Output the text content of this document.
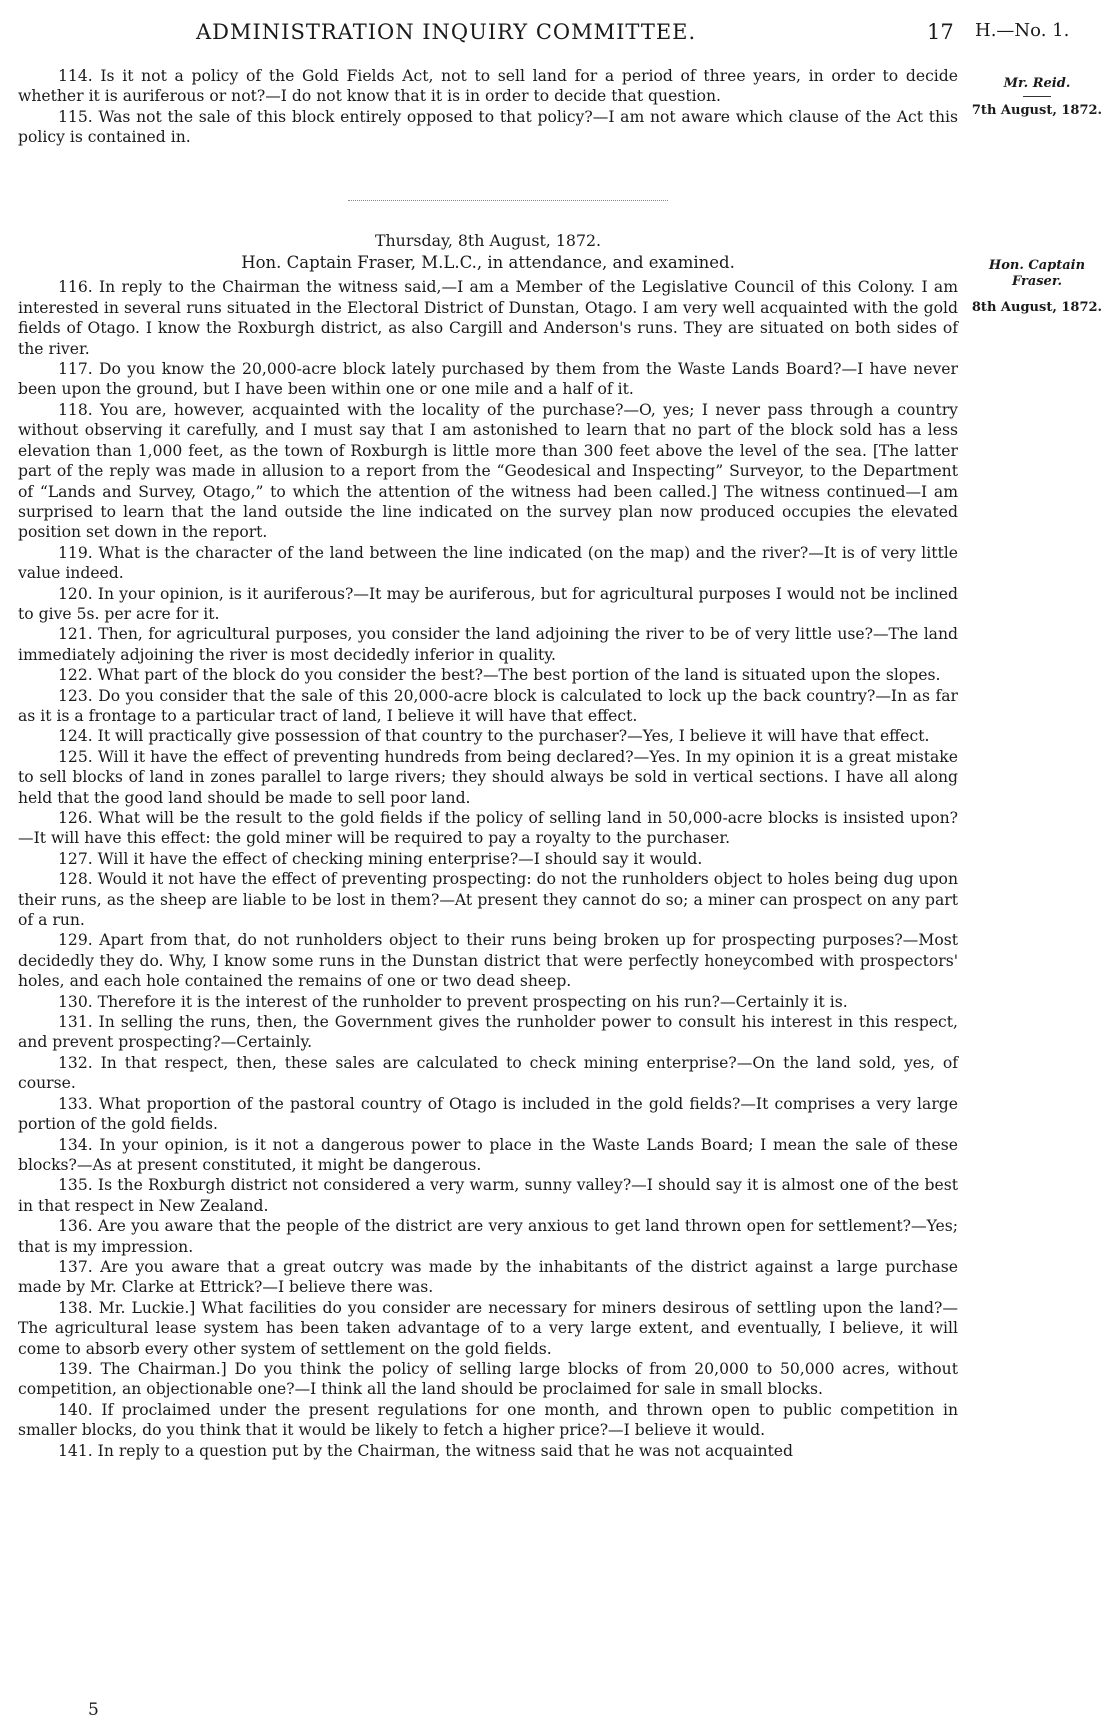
ADMINISTRATION INQUIRY COMMITTEE.	17 H.—No. 1.
Mr. Reid.
7th August, 1872.
Hon. Captain Fraser.
8th August, 1872.

114. Is it not a policy of the Gold Fields Act, not to sell land for a period of three years, in order to decide whether it is auriferous or not?—I do not know that it is in order to decide that question.

115. Was not the sale of this block entirely opposed to that policy?—I am not aware which clause of the Act this policy is contained in.

Thursday, 8th August, 1872.

Hon. Captain Fraser, M.L.C., in attendance, and examined.

116. In reply to the Chairman the witness said,—I am a Member of the Legislative Council of this Colony. I am interested in several runs situated in the Electoral District of Dunstan, Otago. I am very well acquainted with the gold fields of Otago. I know the Roxburgh district, as also Cargill and Anderson's runs. They are situated on both sides of the river.

117. Do you know the 20,000-acre block lately purchased by them from the Waste Lands Board?—I have never been upon the ground, but I have been within one or one mile and a half of it.

118. You are, however, acquainted with the locality of the purchase?—O, yes; I never pass through a country without observing it carefully, and I must say that I am astonished to learn that no part of the block sold has a less elevation than 1,000 feet, as the town of Roxburgh is little more than 300 feet above the level of the sea. [The latter part of the reply was made in allusion to a report from the “Geodesical and Inspecting” Surveyor, to the Department of “Lands and Survey, Otago,” to which the attention of the witness had been called.] The witness continued—I am surprised to learn that the land outside the line indicated on the survey plan now produced occupies the elevated position set down in the report.

119. What is the character of the land between the line indicated (on the map) and the river?—It is of very little value indeed.

120. In your opinion, is it auriferous?—It may be auriferous, but for agricultural purposes I would not be inclined to give 5s. per acre for it.

121. Then, for agricultural purposes, you consider the land adjoining the river to be of very little use?—The land immediately adjoining the river is most decidedly inferior in quality.

122. What part of the block do you consider the best?—The best portion of the land is situated upon the slopes.

123. Do you consider that the sale of this 20,000-acre block is calculated to lock up the back country?—In as far as it is a frontage to a particular tract of land, I believe it will have that effect.

124. It will practically give possession of that country to the purchaser?—Yes, I believe it will have that effect.

125. Will it have the effect of preventing hundreds from being declared?—Yes. In my opinion it is a great mistake to sell blocks of land in zones parallel to large rivers; they should always be sold in vertical sections. I have all along held that the good land should be made to sell poor land.

126. What will be the result to the gold fields if the policy of selling land in 50,000-acre blocks is insisted upon?—It will have this effect: the gold miner will be required to pay a royalty to the purchaser.

127. Will it have the effect of checking mining enterprise?—I should say it would.

128. Would it not have the effect of preventing prospecting: do not the runholders object to holes being dug upon their runs, as the sheep are liable to be lost in them?—At present they cannot do so; a miner can prospect on any part of a run.

129. Apart from that, do not runholders object to their runs being broken up for prospecting purposes?—Most decidedly they do. Why, I know some runs in the Dunstan district that were perfectly honeycombed with prospectors' holes, and each hole contained the remains of one or two dead sheep.

130. Therefore it is the interest of the runholder to prevent prospecting on his run?—Certainly it is.

131. In selling the runs, then, the Government gives the runholder power to consult his interest in this respect, and prevent prospecting?—Certainly.

132. In that respect, then, these sales are calculated to check mining enterprise?—On the land sold, yes, of course.

133. What proportion of the pastoral country of Otago is included in the gold fields?—It comprises a very large portion of the gold fields.

134. In your opinion, is it not a dangerous power to place in the Waste Lands Board; I mean the sale of these blocks?—As at present constituted, it might be dangerous.

135. Is the Roxburgh district not considered a very warm, sunny valley?—I should say it is almost one of the best in that respect in New Zealand.

136. Are you aware that the people of the district are very anxious to get land thrown open for settlement?—Yes; that is my impression.

137. Are you aware that a great outcry was made by the inhabitants of the district against a large purchase made by Mr. Clarke at Ettrick?—I believe there was.

138. Mr. Luckie.] What facilities do you consider are necessary for miners desirous of settling upon the land?—The agricultural lease system has been taken advantage of to a very large extent, and eventually, I believe, it will come to absorb every other system of settlement on the gold fields.

139. The Chairman.] Do you think the policy of selling large blocks of from 20,000 to 50,000 acres, without competition, an objectionable one?—I think all the land should be proclaimed for sale in small blocks.

140. If proclaimed under the present regulations for one month, and thrown open to public competition in smaller blocks, do you think that it would be likely to fetch a higher price?—I believe it would.

141. In reply to a question put by the Chairman, the witness said that he was not acquainted

5
